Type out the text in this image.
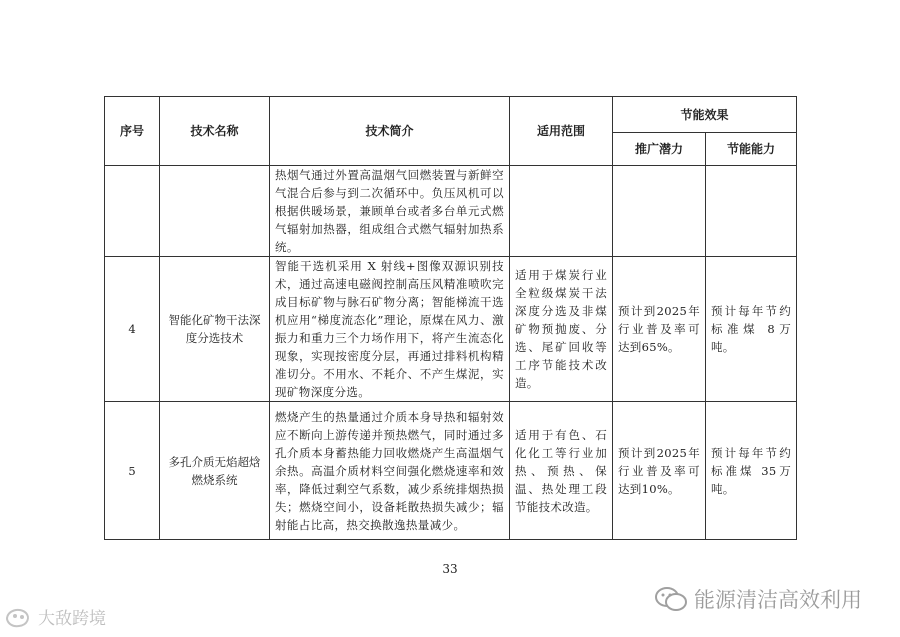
序号	技术名称	技术简介	适用范围	节能效果	
				推广潜力	节能能力
		热烟气通过外置高温烟气回燃装置与新鲜空气混合后参与到二次循环中。负压风机可以根据供暖场景，兼顾单台或者多台单元式燃气辐射加热器，组成组合式燃气辐射加热系统。			
4	智能化矿物干法深度分选技术	智能干选机采用 X 射线+图像双源识别技术，通过高速电磁阀控制高压风精准喷吹完成目标矿物与脉石矿物分离；智能梯流干选机应用“梯度流态化”理论，原煤在风力、激振力和重力三个力场作用下，将产生流态化现象，实现按密度分层，再通过排料机构精准切分。不用水、不耗介、不产生煤泥，实现矿物深度分选。	适用于煤炭行业全粒级煤炭干法深度分选及非煤矿物预抛废、分选、尾矿回收等工序节能技术改造。	预计到2025年行业普及率可达到65%。	预计每年节约标准煤 8万吨。
5	多孔介质无焰超焓燃烧系统	燃烧产生的热量通过介质本身导热和辐射效应不断向上游传递并预热燃气，同时通过多孔介质本身蓄热能力回收燃烧产生高温烟气余热。高温介质材料空间强化燃烧速率和效率，降低过剩空气系数，减少系统排烟热损失；燃烧空间小，设备耗散热损失减少；辐射能占比高，热交换散逸热量减少。	适用于有色、石化化工等行业加热、预热、保温、热处理工段节能技术改造。	预计到2025年行业普及率可达到10%。	预计每年节约标准煤 35万吨。
33
能源清洁高效利用
大敌跨境
